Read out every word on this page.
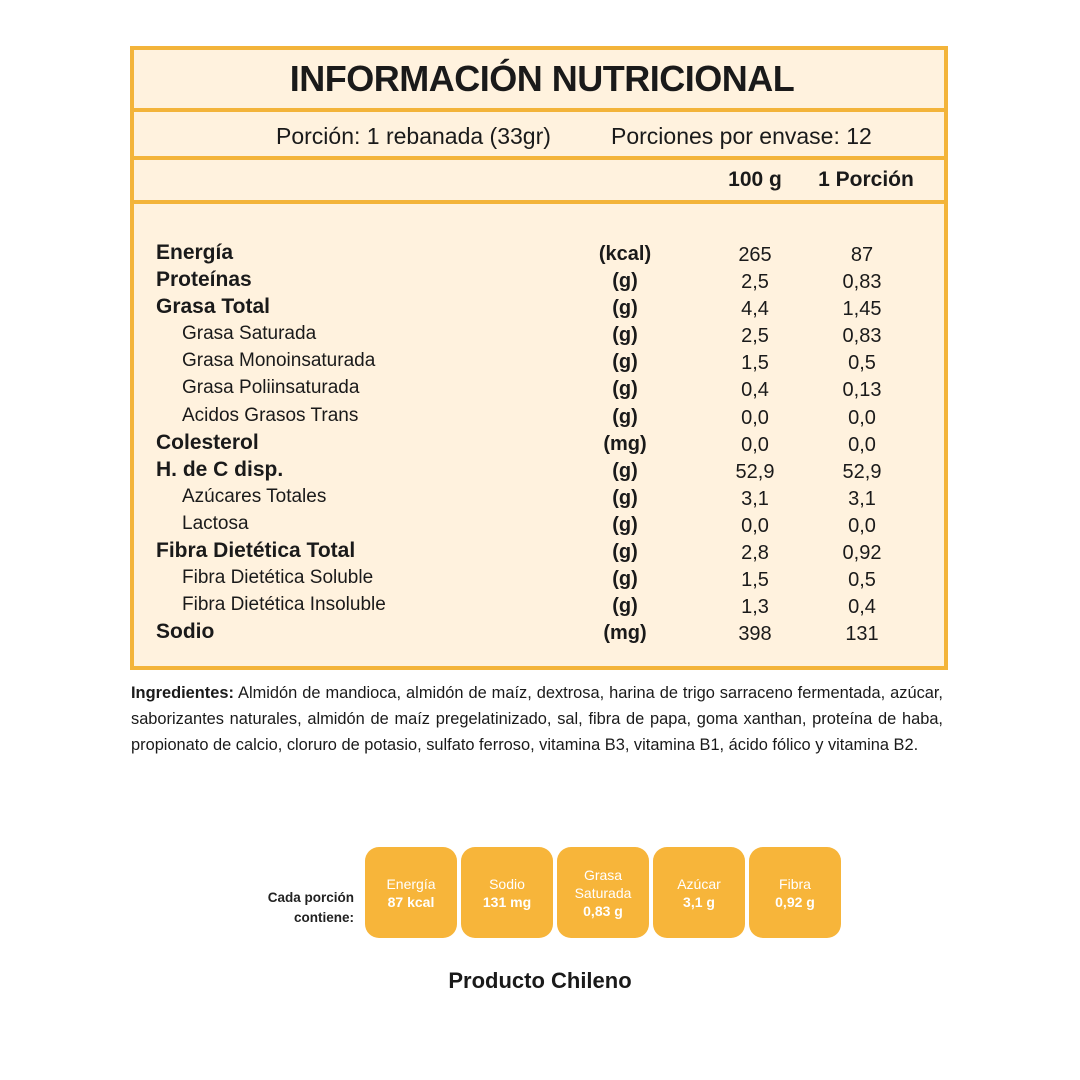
INFORMACIÓN NUTRICIONAL
Porción: 1 rebanada (33gr)	Porciones por envase: 12
100 g	1 Porción
Energía	(kcal)	265	87
Proteínas	(g)	2,5	0,83
Grasa Total	(g)	4,4	1,45
Grasa Saturada	(g)	2,5	0,83
Grasa Monoinsaturada	(g)	1,5	0,5
Grasa Poliinsaturada	(g)	0,4	0,13
Acidos Grasos Trans	(g)	0,0	0,0
Colesterol	(mg)	0,0	0,0
H. de C disp.	(g)	52,9	52,9
Azúcares Totales	(g)	3,1	3,1
Lactosa	(g)	0,0	0,0
Fibra Dietética Total	(g)	2,8	0,92
Fibra Dietética Soluble	(g)	1,5	0,5
Fibra Dietética Insoluble	(g)	1,3	0,4
Sodio	(mg)	398	131
Ingredientes: Almidón de mandioca, almidón de maíz, dextrosa, harina de trigo sarraceno fermentada, azúcar, saborizantes naturales, almidón de maíz pregelatinizado, sal, fibra de papa, goma xanthan, proteína de haba, propionato de calcio, cloruro de potasio, sulfato ferroso, vitamina B3, vitamina B1, ácido fólico y vitamina B2.
Cada porción
contiene:
Energía
87 kcal
Sodio
131 mg
Grasa
Saturada
0,83 g
Azúcar
3,1 g
Fibra
0,92 g
Producto Chileno
